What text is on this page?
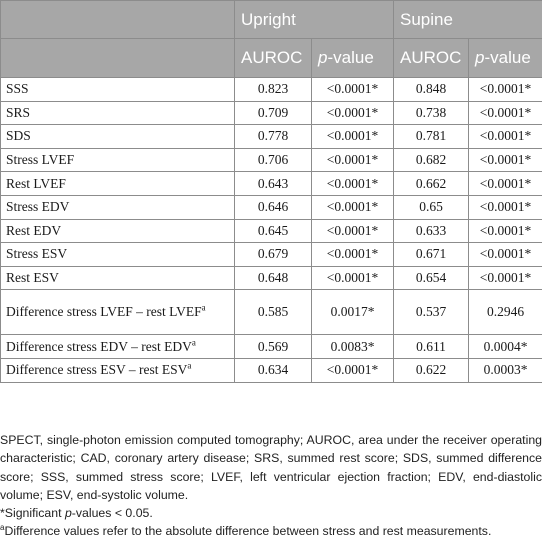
	Upright		Supine	
	AUROC	p-value	AUROC	p-value
SSS	0.823	<0.0001*	0.848	<0.0001*
SRS	0.709	<0.0001*	0.738	<0.0001*
SDS	0.778	<0.0001*	0.781	<0.0001*
Stress LVEF	0.706	<0.0001*	0.682	<0.0001*
Rest LVEF	0.643	<0.0001*	0.662	<0.0001*
Stress EDV	0.646	<0.0001*	0.65	<0.0001*
Rest EDV	0.645	<0.0001*	0.633	<0.0001*
Stress ESV	0.679	<0.0001*	0.671	<0.0001*
Rest ESV	0.648	<0.0001*	0.654	<0.0001*
Difference stress LVEF – rest LVEF$^a$	0.585	0.0017*	0.537	0.2946
Difference stress EDV – rest EDV$^a$	0.569	0.0083*	0.611	0.0004*
Difference stress ESV – rest ESV$^a$	0.634	<0.0001*	0.622	0.0003*

SPECT, single-photon emission computed tomography; AUROC, area under the receiver operating characteristic; CAD, coronary artery disease; SRS, summed rest score; SDS, summed difference score; SSS, summed stress score; LVEF, left ventricular ejection fraction; EDV, end-diastolic volume; ESV, end-systolic volume.

*Significant p-values < 0.05.

$^a$Difference values refer to the absolute difference between stress and rest measurements.
